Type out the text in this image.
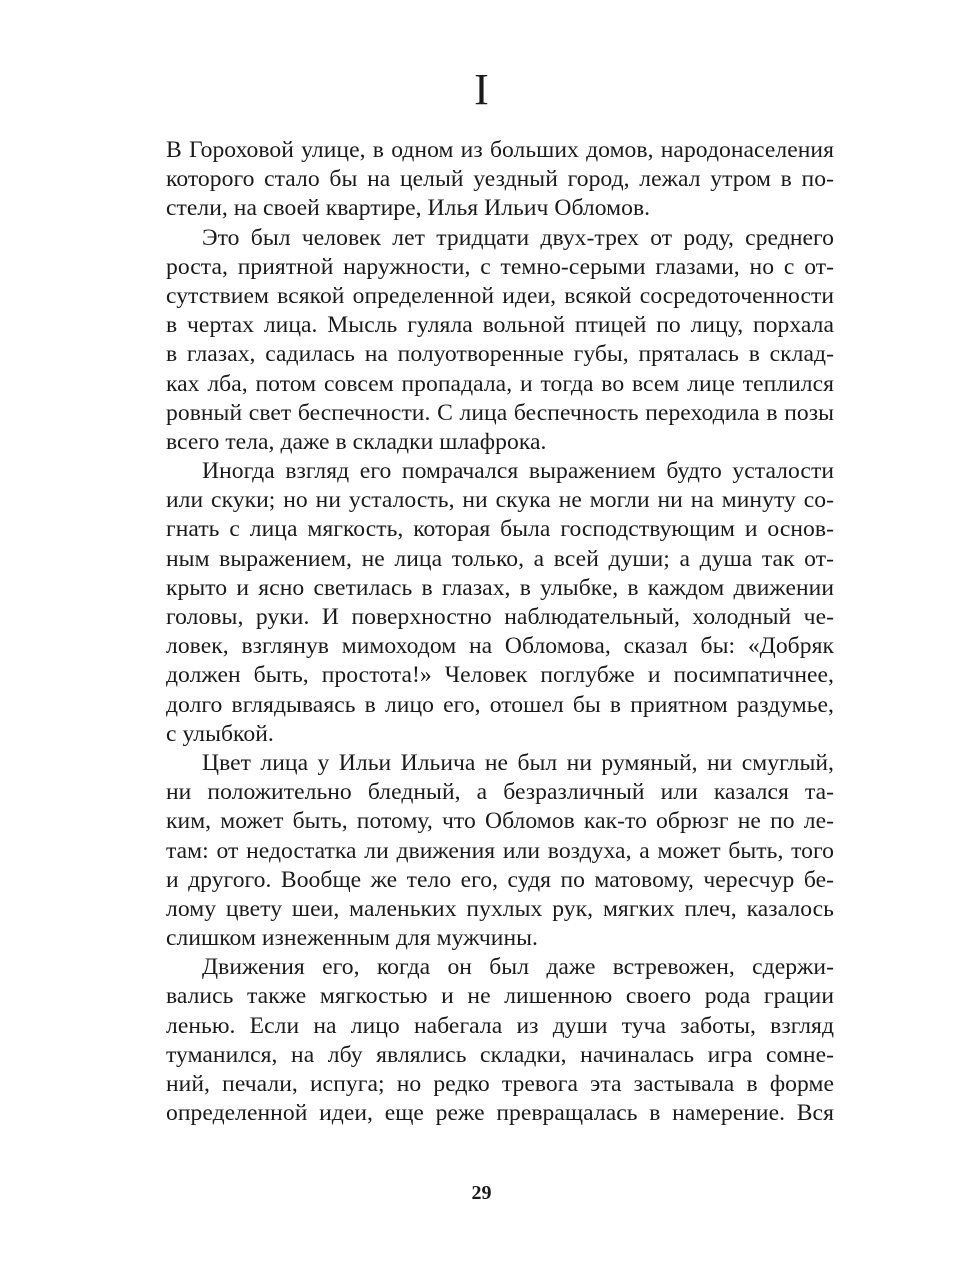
I
В Гороховой улице, в одном из больших домов, народонаселения
которого стало бы на целый уездный город, лежал утром в по-
стели, на своей квартире, Илья Ильич Обломов.
Это был человек лет тридцати двух-трех от роду, среднего
роста, приятной наружности, с темно-серыми глазами, но с от-
сутствием всякой определенной идеи, всякой сосредоточенности
в чертах лица. Мысль гуляла вольной птицей по лицу, порхала
в глазах, садилась на полуотворенные губы, пряталась в склад-
ках лба, потом совсем пропадала, и тогда во всем лице теплился
ровный свет беспечности. С лица беспечность переходила в позы
всего тела, даже в складки шлафрока.
Иногда взгляд его помрачался выражением будто усталости
или скуки; но ни усталость, ни скука не могли ни на минуту со-
гнать с лица мягкость, которая была господствующим и основ-
ным выражением, не лица только, а всей души; а душа так от-
крыто и ясно светилась в глазах, в улыбке, в каждом движении
головы, руки. И поверхностно наблюдательный, холодный че-
ловек, взглянув мимоходом на Обломова, сказал бы: «Добряк
должен быть, простота!» Человек поглубже и посимпатичнее,
долго вглядываясь в лицо его, отошел бы в приятном раздумье,
с улыбкой.
Цвет лица у Ильи Ильича не был ни румяный, ни смуглый,
ни положительно бледный, а безразличный или казался та-
ким, может быть, потому, что Обломов как-то обрюзг не по ле-
там: от недостатка ли движения или воздуха, а может быть, того
и другого. Вообще же тело его, судя по матовому, чересчур бе-
лому цвету шеи, маленьких пухлых рук, мягких плеч, казалось
слишком изнеженным для мужчины.
Движения его, когда он был даже встревожен, сдержи-
вались также мягкостью и не лишенною своего рода грации
ленью. Если на лицо набегала из души туча заботы, взгляд
туманился, на лбу являлись складки, начиналась игра сомне-
ний, печали, испуга; но редко тревога эта застывала в форме
определенной идеи, еще реже превращалась в намерение. Вся
29
